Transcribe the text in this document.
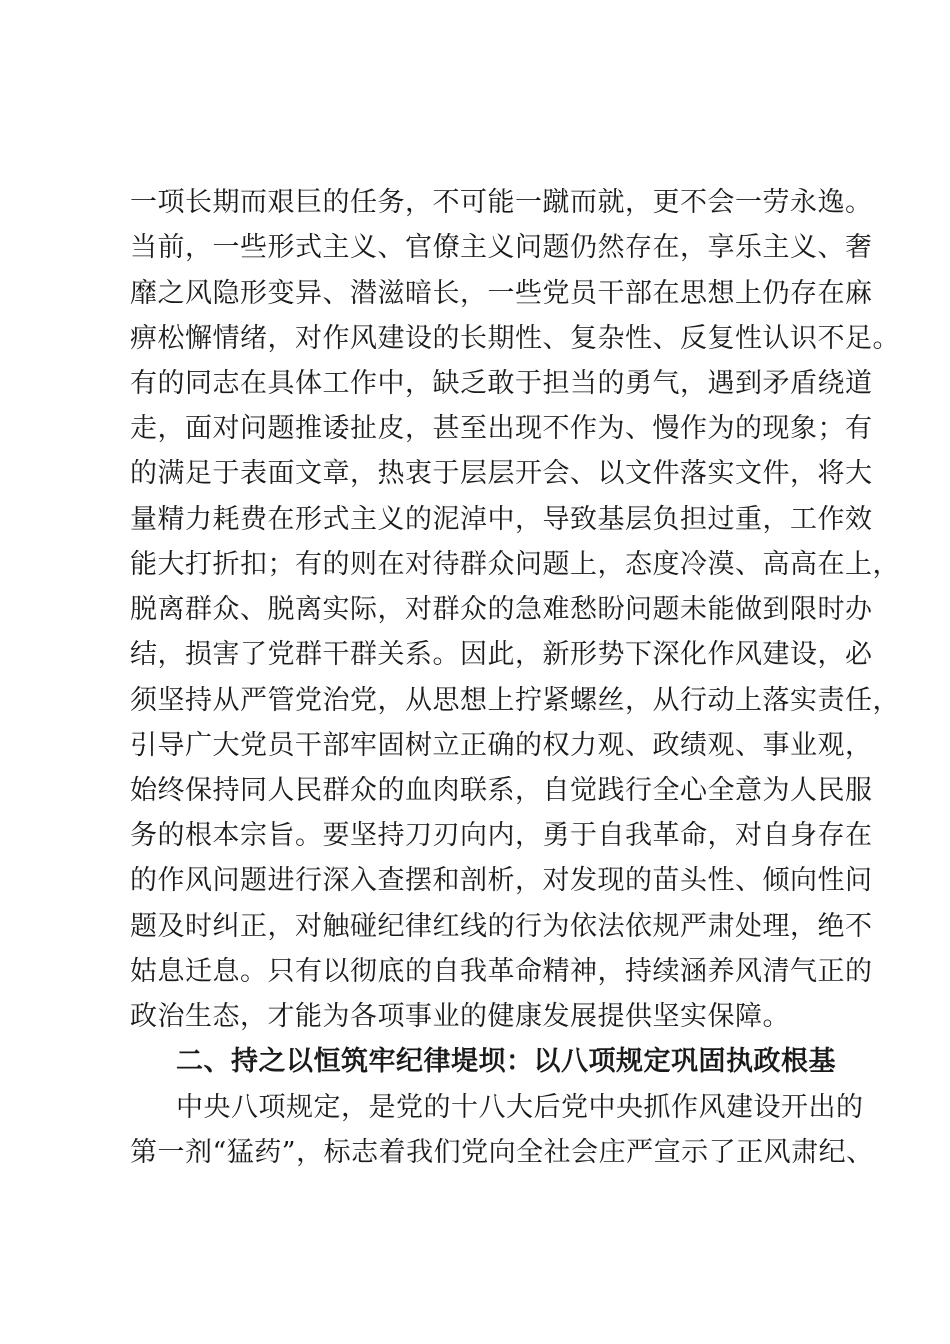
一项长期而艰巨的任务，不可能一蹴而就，更不会一劳永逸。
当前，一些形式主义、官僚主义问题仍然存在，享乐主义、奢
靡之风隐形变异、潜滋暗长，一些党员干部在思想上仍存在麻
痹松懈情绪，对作风建设的长期性、复杂性、反复性认识不足。
有的同志在具体工作中，缺乏敢于担当的勇气，遇到矛盾绕道
走，面对问题推诿扯皮，甚至出现不作为、慢作为的现象；有
的满足于表面文章，热衷于层层开会、以文件落实文件，将大
量精力耗费在形式主义的泥淖中，导致基层负担过重，工作效
能大打折扣；有的则在对待群众问题上，态度冷漠、高高在上，
脱离群众、脱离实际，对群众的急难愁盼问题未能做到限时办
结，损害了党群干群关系。因此，新形势下深化作风建设，必
须坚持从严管党治党，从思想上拧紧螺丝，从行动上落实责任，
引导广大党员干部牢固树立正确的权力观、政绩观、事业观，
始终保持同人民群众的血肉联系，自觉践行全心全意为人民服
务的根本宗旨。要坚持刀刃向内，勇于自我革命，对自身存在
的作风问题进行深入查摆和剖析，对发现的苗头性、倾向性问
题及时纠正，对触碰纪律红线的行为依法依规严肃处理，绝不
姑息迁息。只有以彻底的自我革命精神，持续涵养风清气正的
政治生态，才能为各项事业的健康发展提供坚实保障。
二、持之以恒筑牢纪律堤坝：以八项规定巩固执政根基
中央八项规定，是党的十八大后党中央抓作风建设开出的
第一剂“猛药”，标志着我们党向全社会庄严宣示了正风肃纪、
